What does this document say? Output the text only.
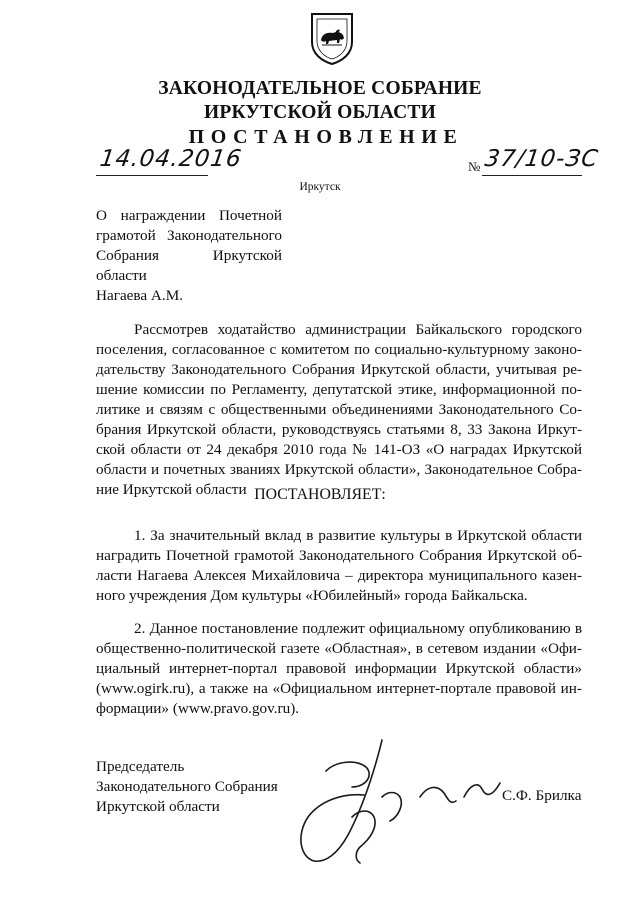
ЗАКОНОДАТЕЛЬНОЕ СОБРАНИЕ
ИРКУТСКОЙ ОБЛАСТИ
ПОСТАНОВЛЕНИЕ
14.04.2016	№ 37/10-ЗС
Иркутск
О награждении Почетной
грамотой Законодательного
Собрания Иркутской области
Нагаева А.М.
Рассмотрев ходатайство администрации Байкальского городского
поселения, согласованное с комитетом по социально-культурному законо-
дательству Законодательного Собрания Иркутской области, учитывая ре-
шение комиссии по Регламенту, депутатской этике, информационной по-
литике и связям с общественными объединениями Законодательного Со-
брания Иркутской области, руководствуясь статьями 8, 33 Закона Иркут-
ской области от 24 декабря 2010 года № 141-ОЗ «О наградах Иркутской
области и почетных званиях Иркутской области», Законодательное Собра-
ние Иркутской области ПОСТАНОВЛЯЕТ:
1. За значительный вклад в развитие культуры в Иркутской области
наградить Почетной грамотой Законодательного Собрания Иркутской об-
ласти Нагаева Алексея Михайловича – директора муниципального казен-
ного учреждения Дом культуры «Юбилейный» города Байкальска.
2. Данное постановление подлежит официальному опубликованию в
общественно-политической газете «Областная», в сетевом издании «Офи-
циальный интернет-портал правовой информации Иркутской области»
(www.ogirk.ru), а также на «Официальном интернет-портале правовой ин-
формации» (www.pravo.gov.ru).
Председатель
Законодательного Собрания
Иркутской области
С.Ф. Брилка
